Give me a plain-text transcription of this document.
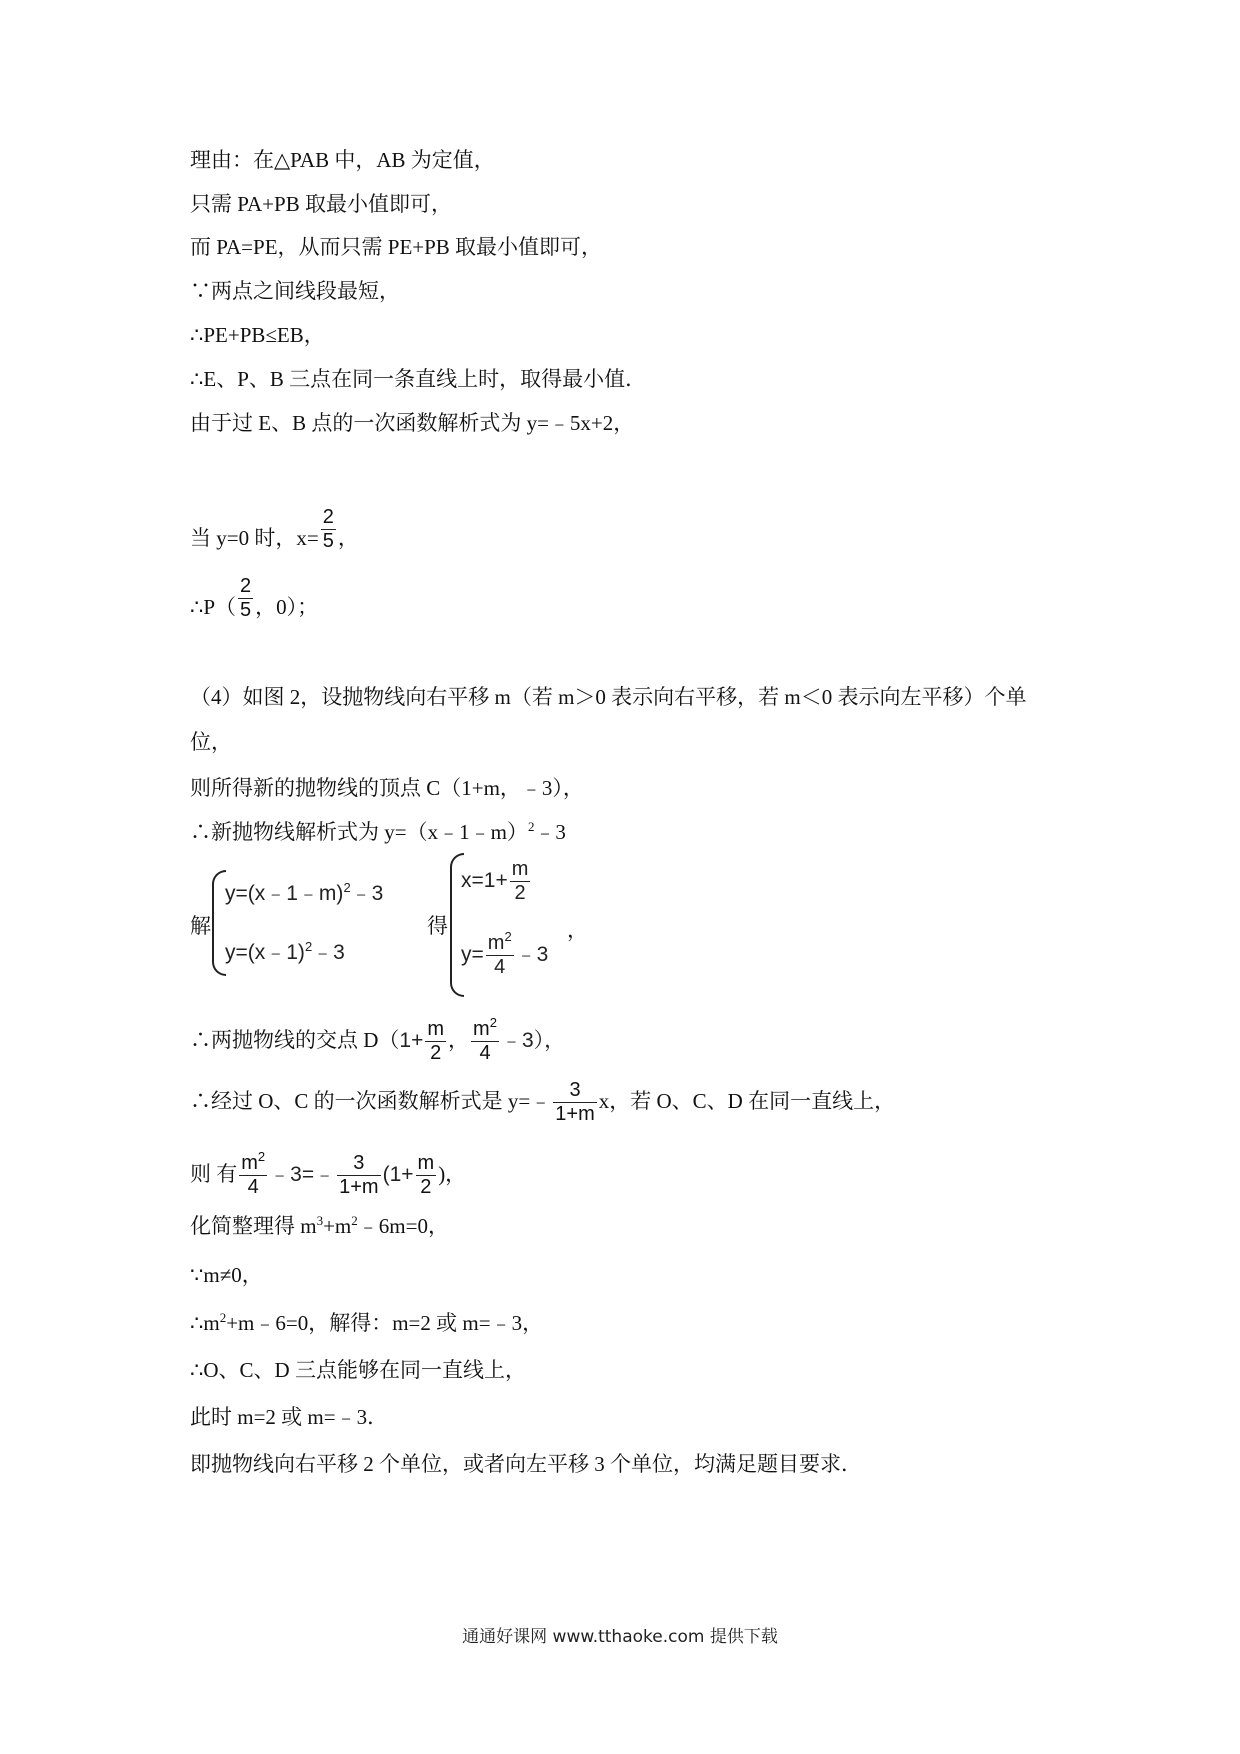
理由：在△PAB 中，AB 为定值，
只需 PA+PB 取最小值即可，
而 PA=PE，从而只需 PE+PB 取最小值即可，
∵两点之间线段最短，
∴PE+PB≤EB，
∴E、P、B 三点在同一条直线上时，取得最小值．
由于过 E、B 点的一次函数解析式为 y=﹣5x+2，
当 y=0 时，$x= \frac{2}{5}$ ，
∴P（ $\frac{2}{5}$ ，0）；
（4）如图 2，设抛物线向右平移 m（若 m＞0 表示向右平移，若 m＜0 表示向左平移）个单
位，
则所得新的抛物线的顶点 C（1+m，﹣3），
∴新抛物线解析式为 y=（x﹣1﹣m）$^2$﹣3
解
y=(x﹣1﹣m)$^2$﹣3
y=(x﹣1)$^2$﹣3
得
$x=1+ \frac{m}{2}$
$y= \frac{m^2}{4}$ ﹣3
，
∴两抛物线的交点 $D(1+ \frac{m}{2}$ ， $\frac{m^2}{4}$ ﹣3），
∴经过 O、C 的一次函数解析式是 y=﹣ $\frac{3}{1+m}$ x，若 O、C、D 在同一直线上，
则 有 $\frac{m^2}{4}$ ﹣3=﹣ $\frac{3}{1+m} (1+ \frac{m}{2}$ )，
化简整理得 $m^3+m^2﹣6m=0$，
∵m≠0，
$\therefore m^2+m﹣6=0$，解得：m=2 或 m=﹣3，
∴O、C、D 三点能够在同一直线上，
此时 m=2 或 m=﹣3．
即抛物线向右平移 2 个单位，或者向左平移 3 个单位，均满足题目要求．
通通好课网 www.tthaoke.com 提供下载
